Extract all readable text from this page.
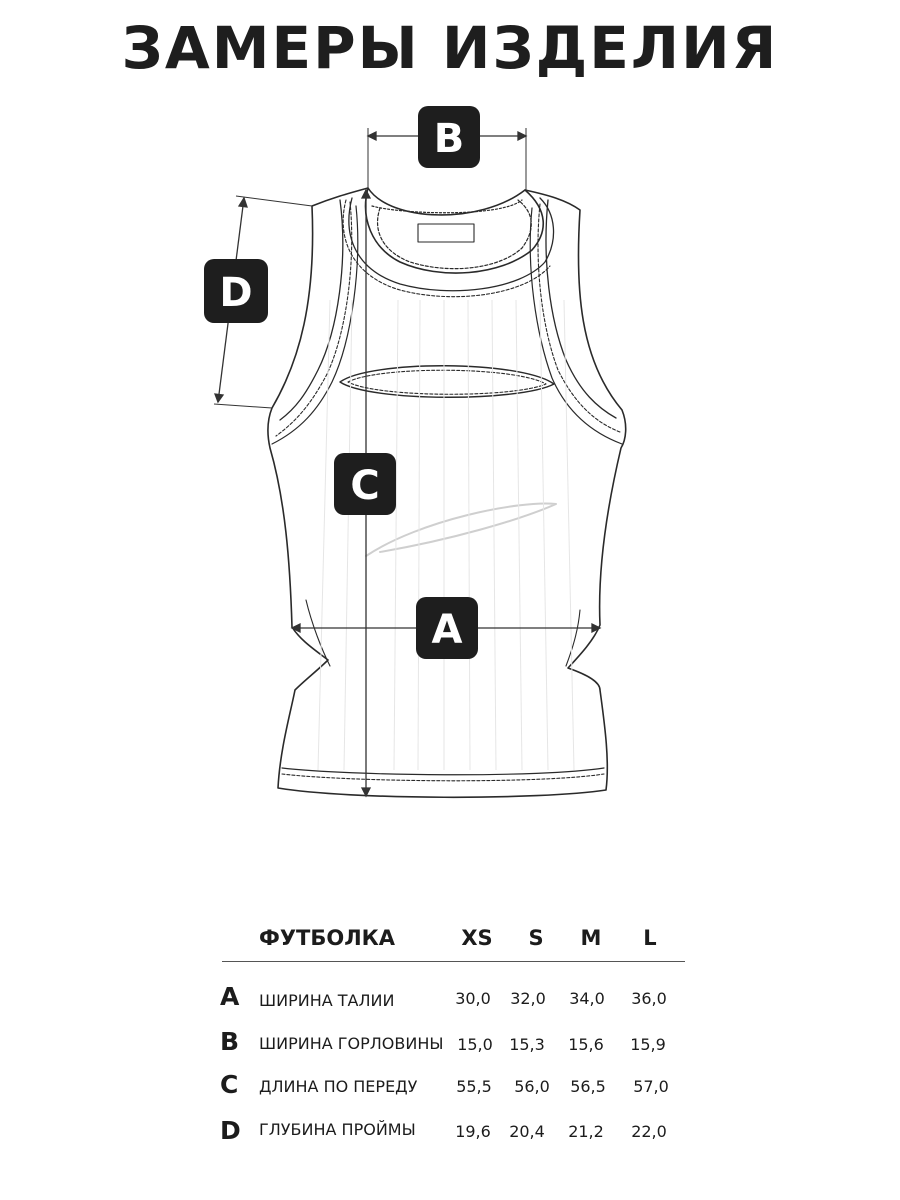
ЗАМЕРЫ ИЗДЕЛИЯ
B
D
C
A
ФУТБОЛКА	XS	S	M	L
A ШИРИНА ТАЛИИ	30,0	32,0	34,0	36,0
B ШИРИНА ГОРЛОВИНЫ 15,0	15,3	15,6	15,9
C ДЛИНА ПО ПЕРЕДУ	55,5	56,0	56,5	57,0
D ГЛУБИНА ПРОЙМЫ	19,6	20,4	21,2	22,0
